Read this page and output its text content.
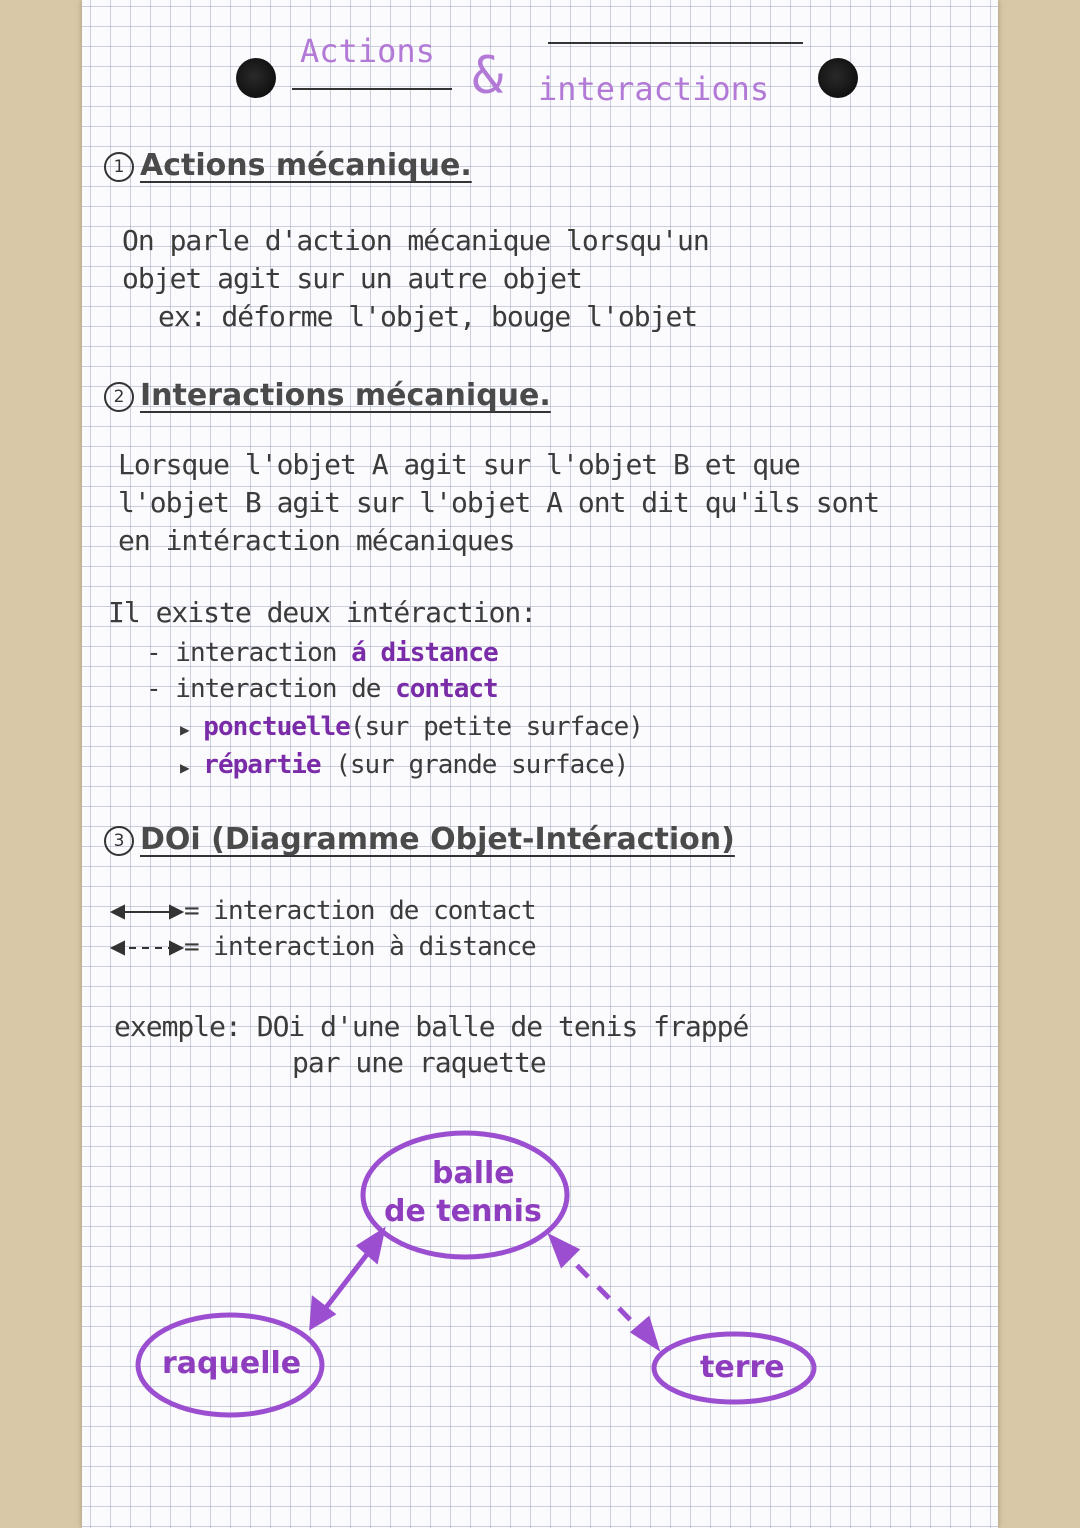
Actions & interactions
1 Actions mécanique.
On parle d'action mécanique lorsqu'un
objet agit sur un autre objet
ex: déforme l'objet, bouge l'objet
2 Interactions mécanique.
Lorsque l'objet A agit sur l'objet B et que
l'objet B agit sur l'objet A ont dit qu'ils sont
en intéraction mécaniques
Il existe deux intéraction:
- interaction á distance
- interaction de contact
▶ ponctuelle(sur petite surface)
▶ répartie (sur grande surface)
3 DOi (Diagramme Objet-Intéraction)
= interaction de contact
= interaction à distance
exemple: DOi d'une balle de tenis frappé
par une raquette
balle
de tennis
raquelle	terre
